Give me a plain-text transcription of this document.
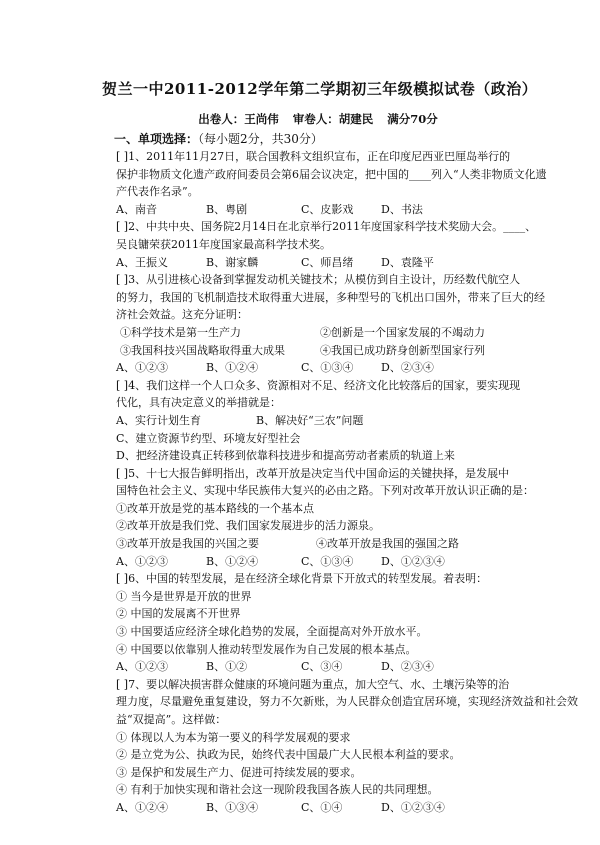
贺兰一中2011-2012学年第二学期初三年级模拟试卷（政治）
出卷人：王尚伟 审卷人：胡建民 满分70分
一、单项选择：（每小题2分，共30分）
[ ]1、2011年11月27日，联合国教科文组织宣布，正在印度尼西亚巴厘岛举行的
保护非物质文化遗产政府间委员会第6届会议决定，把中国的____列入“人类非物质文化遗
产代表作名录”。
A、南音	B、粤剧	C、皮影戏	D、书法
[ ]2、中共中央、国务院2月14日在北京举行2011年度国家科学技术奖励大会。____、
吴良镛荣获2011年度国家最高科学技术奖。
A、王振义	B、谢家麟	C、师昌绪	D、袁隆平
[ ]3、从引进核心设备到掌握发动机关键技术；从模仿到自主设计，历经数代航空人
的努力，我国的飞机制造技术取得重大进展，多种型号的飞机出口国外，带来了巨大的经
济社会效益。这充分证明：
①科学技术是第一生产力	②创新是一个国家发展的不竭动力
③我国科技兴国战略取得重大成果	④我国已成功跻身创新型国家行列
A、①②③	B、①②④	C、①③④	D、②③④
[ ]4、我们这样一个人口众多、资源相对不足、经济文化比较落后的国家，要实现现
代化，具有决定意义的举措就是：
A、实行计划生育	B、解决好“三农”问题
C、建立资源节约型、环境友好型社会
D、把经济建设真正转移到依靠科技进步和提高劳动者素质的轨道上来
[ ]5、十七大报告鲜明指出，改革开放是决定当代中国命运的关键抉择，是发展中
国特色社会主义、实现中华民族伟大复兴的必由之路。下列对改革开放认识正确的是：
①改革开放是党的基本路线的一个基本点
②改革开放是我们党、我们国家发展进步的活力源泉。
③改革开放是我国的兴国之要	④改革开放是我国的强国之路
A、①②③	B、①②④	C、①③④	D、①②③④
[ ]6、中国的转型发展，是在经济全球化背景下开放式的转型发展。着表明：
① 当今是世界是开放的世界
② 中国的发展离不开世界
③ 中国要适应经济全球化趋势的发展，全面提高对外开放水平。
④ 中国要以依靠别人推动转型发展作为自己发展的根本基点。
A、①②③	B、①②	C、③④	D、②③④
[ ]7、要以解决损害群众健康的环境问题为重点，加大空气、水、土壤污染等的治
理力度，尽量避免重复建设，努力不欠新账，为人民群众创造宜居环境，实现经济效益和社会效
益“双提高”。这样做：
① 体现以人为本为第一要义的科学发展观的要求
② 是立党为公、执政为民，始终代表中国最广大人民根本利益的要求。
③ 是保护和发展生产力、促进可持续发展的要求。
④ 有利于加快实现和谐社会这一现阶段我国各族人民的共同理想。
A、①②④	B、①③④	C、①④	D、①②③④
